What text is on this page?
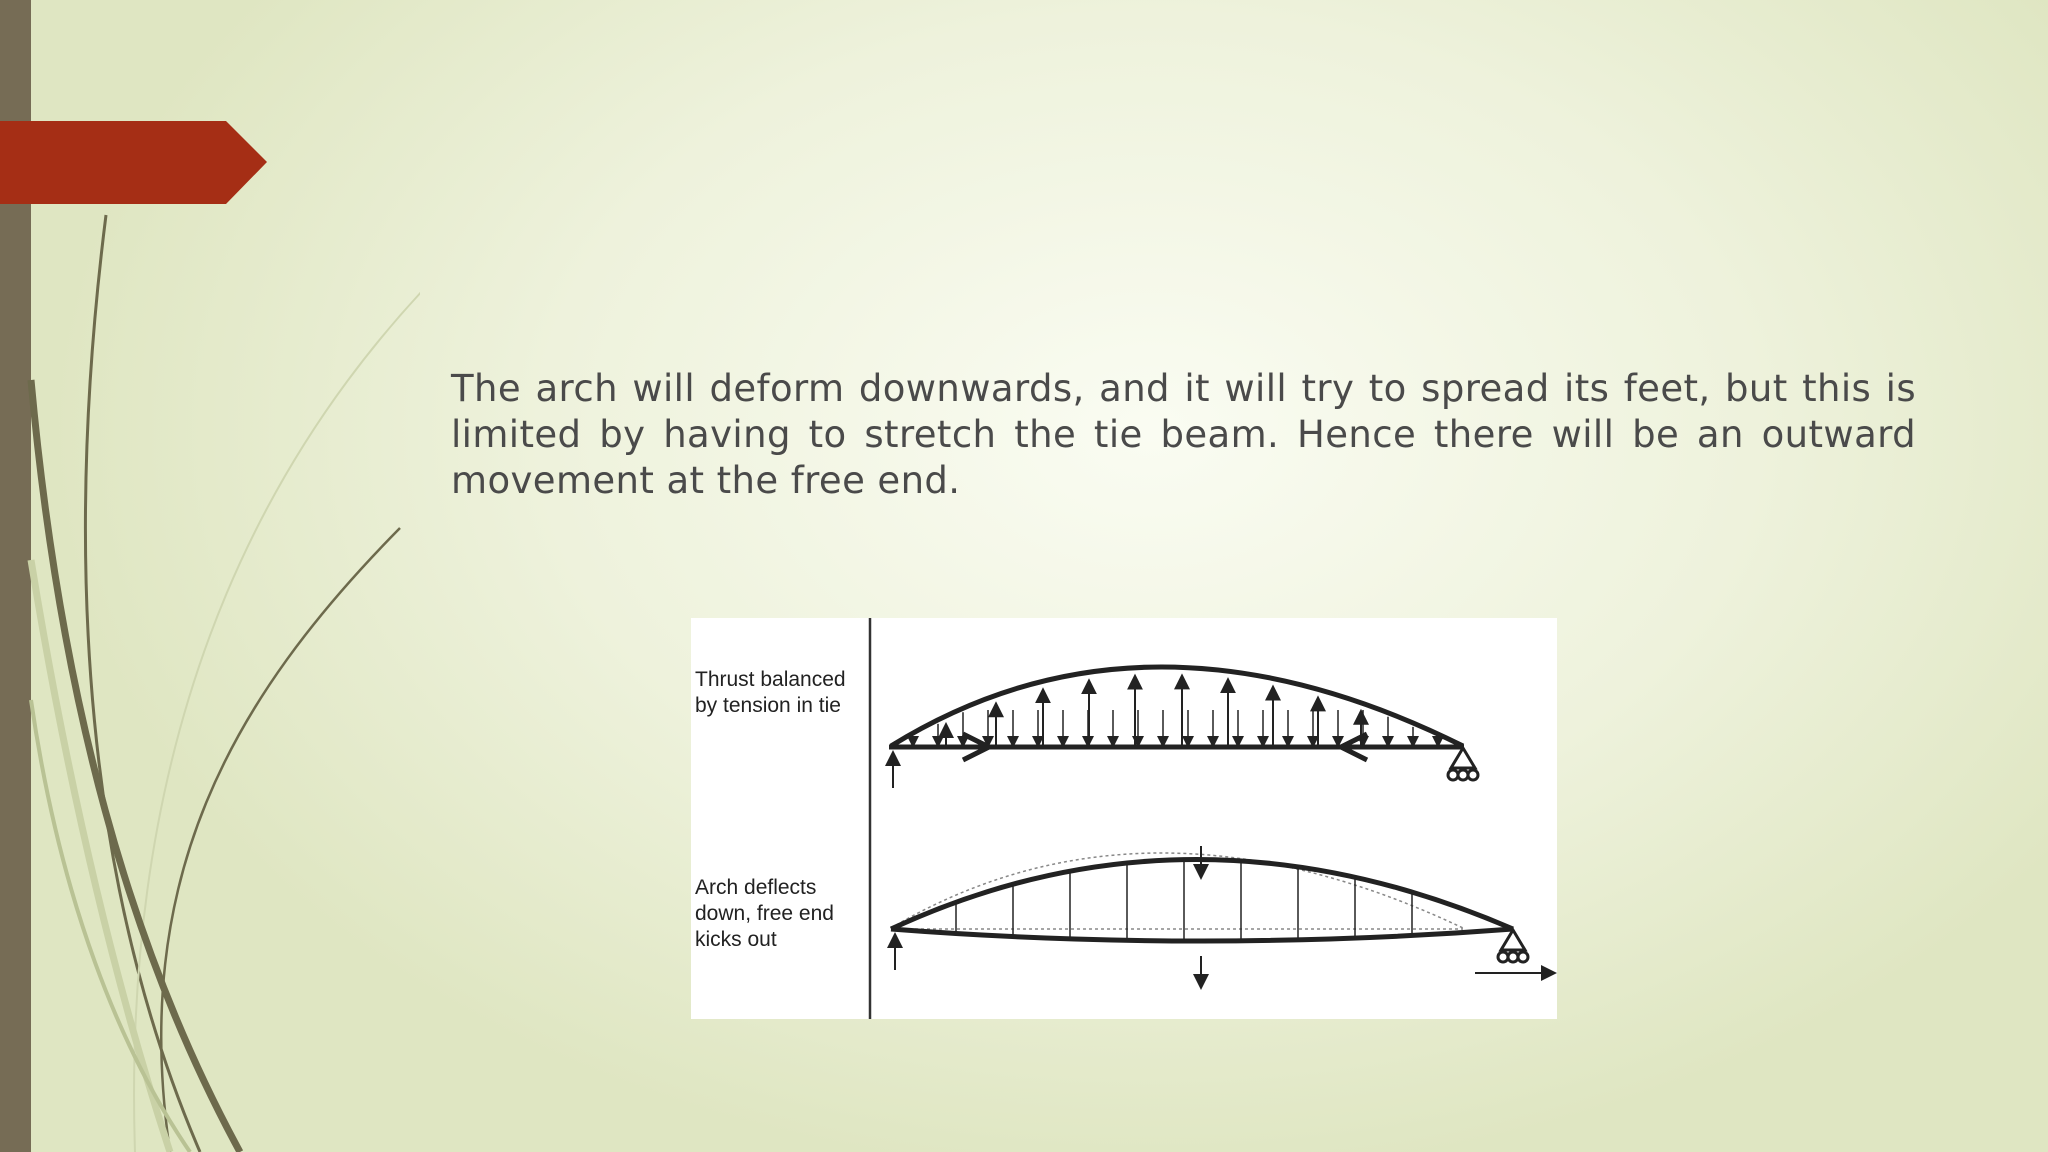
The arch will deform downwards, and it will try to spread its feet, but this is limited by having to stretch the tie beam. Hence there will be an outward movement at the free end.

Thrust balanced
by tension in tie
Arch deflects
down, free end
kicks out
